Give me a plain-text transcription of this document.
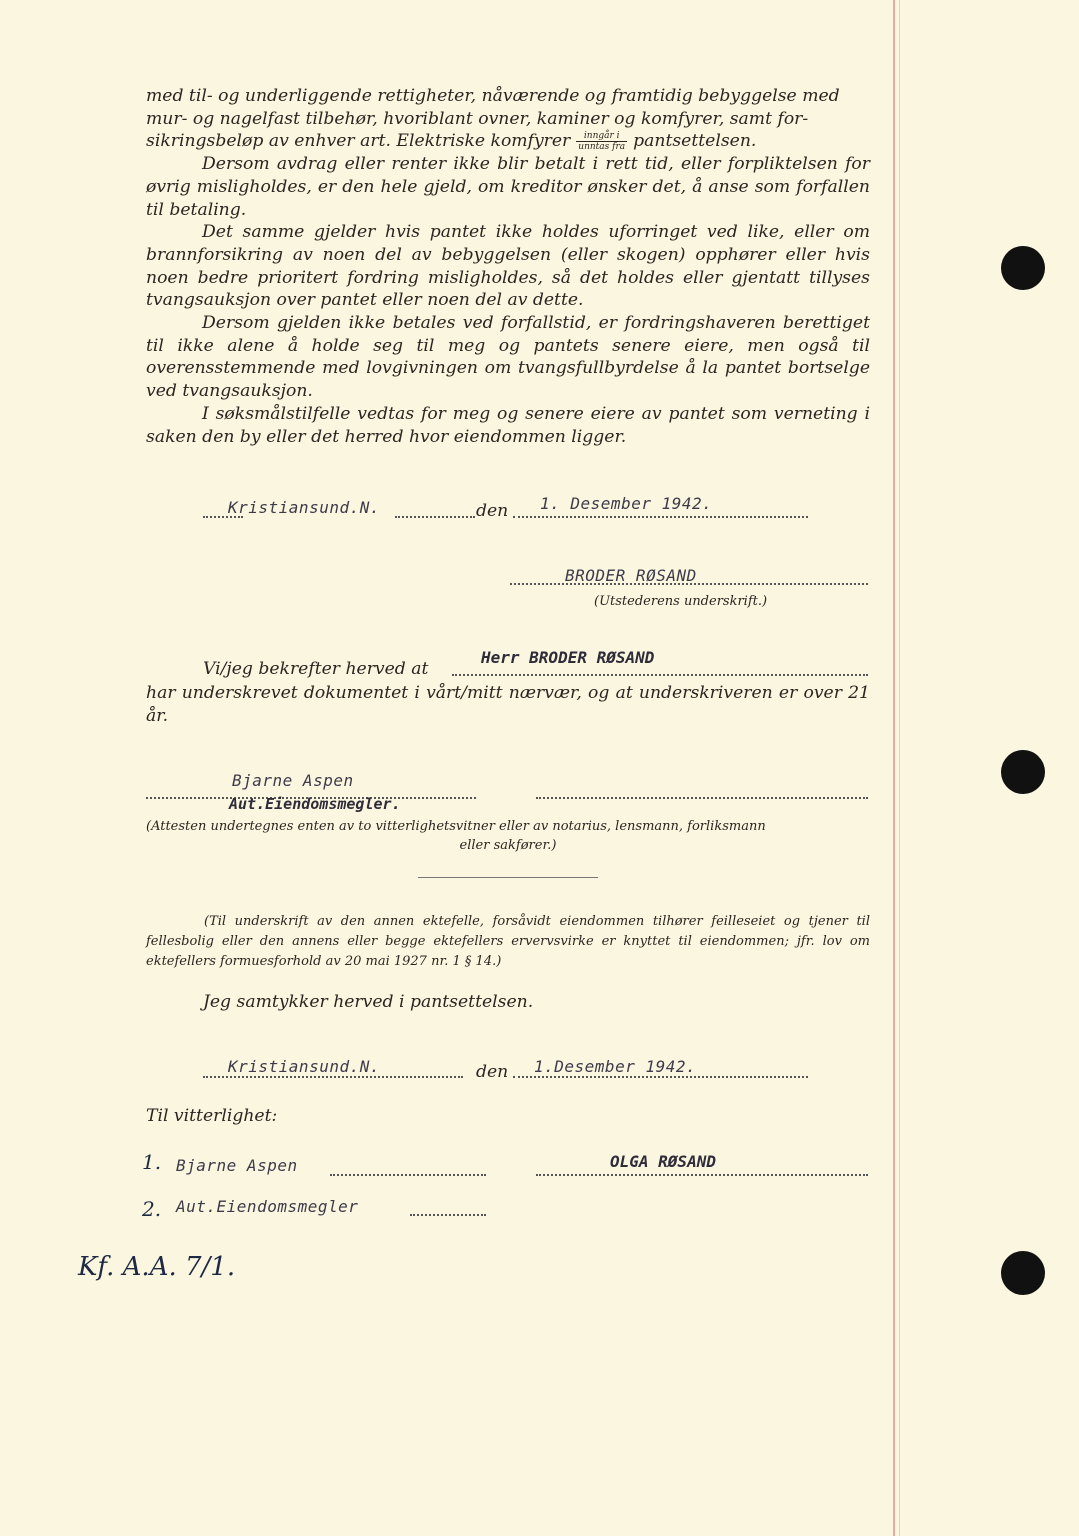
med til- og underliggende rettigheter, nåværende og framtidig bebyggelse med

mur- og nagelfast tilbehør, hvoriblant ovner, kaminer og komfyrer, samt for-

sikringsbeløp av enhver art. Elektriske komfyrer $\frac{\text{inngår i}}{\text{unntas fra}}$ pantsettelsen.

Dersom avdrag eller renter ikke blir betalt i rett tid, eller forpliktelsen for øvrig misligholdes, er den hele gjeld, om kreditor ønsker det, å anse som forfallen til betaling.

Det samme gjelder hvis pantet ikke holdes uforringet ved like, eller om brannforsikring av noen del av bebyggelsen (eller skogen) opphører eller hvis noen bedre prioritert fordring misligholdes, så det holdes eller gjentatt tillyses tvangsauksjon over pantet eller noen del av dette.

Dersom gjelden ikke betales ved forfallstid, er fordringshaveren berettiget til ikke alene å holde seg til meg og pantets senere eiere, men også til overensstemmende med lovgivningen om tvangsfullbyrdelse å la pantet bortselge ved tvangsauksjon.

I søksmålstilfelle vedtas for meg og senere eiere av pantet som verneting i saken den by eller det herred hvor eiendommen ligger.

Kristiansund.N.	den 1. Desember 1942.
BRODER RØSAND
(Utstederens underskrift.)
Vi/jeg bekrefter herved at
Herr BRODER RØSAND
har underskrevet dokumentet i vårt/mitt nærvær, og at underskriveren er over 21 år.
Bjarne Aspen
Aut.Eiendomsmegler.
(Attesten undertegnes enten av to vitterlighetsvitner eller av notarius, lensmann, forliksmann
eller sakfører.)
(Til underskrift av den annen ektefelle, forsåvidt eiendommen tilhører feilleseiet og tjener til fellesbolig eller den annens eller begge ektefellers ervervsvirke er knyttet til eiendommen; jfr. lov om ektefellers formuesforhold av 20 mai 1927 nr. 1 § 14.)
Jeg samtykker herved i pantsettelsen.
Kristiansund.N.	den 1.Desember 1942.
Til vitterlighet:
1. Bjarne Aspen	OLGA RØSAND
2. Aut.Eiendomsmegler
Kf. A.A. 7/1.
